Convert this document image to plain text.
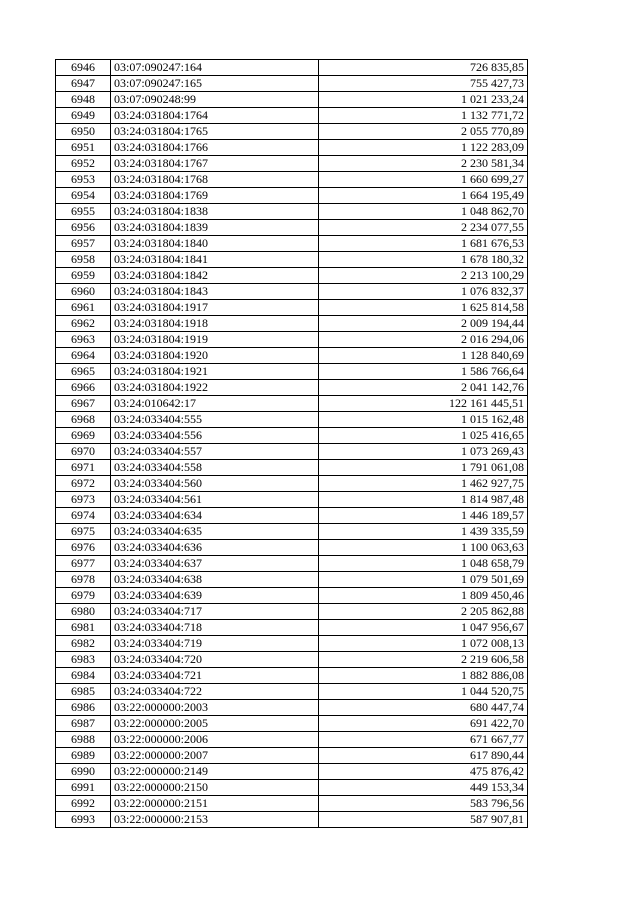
6946	03:07:090247:164	726 835,85
6947	03:07:090247:165	755 427,73
6948	03:07:090248:99	1 021 233,24
6949	03:24:031804:1764	1 132 771,72
6950	03:24:031804:1765	2 055 770,89
6951	03:24:031804:1766	1 122 283,09
6952	03:24:031804:1767	2 230 581,34
6953	03:24:031804:1768	1 660 699,27
6954	03:24:031804:1769	1 664 195,49
6955	03:24:031804:1838	1 048 862,70
6956	03:24:031804:1839	2 234 077,55
6957	03:24:031804:1840	1 681 676,53
6958	03:24:031804:1841	1 678 180,32
6959	03:24:031804:1842	2 213 100,29
6960	03:24:031804:1843	1 076 832,37
6961	03:24:031804:1917	1 625 814,58
6962	03:24:031804:1918	2 009 194,44
6963	03:24:031804:1919	2 016 294,06
6964	03:24:031804:1920	1 128 840,69
6965	03:24:031804:1921	1 586 766,64
6966	03:24:031804:1922	2 041 142,76
6967	03:24:010642:17	122 161 445,51
6968	03:24:033404:555	1 015 162,48
6969	03:24:033404:556	1 025 416,65
6970	03:24:033404:557	1 073 269,43
6971	03:24:033404:558	1 791 061,08
6972	03:24:033404:560	1 462 927,75
6973	03:24:033404:561	1 814 987,48
6974	03:24:033404:634	1 446 189,57
6975	03:24:033404:635	1 439 335,59
6976	03:24:033404:636	1 100 063,63
6977	03:24:033404:637	1 048 658,79
6978	03:24:033404:638	1 079 501,69
6979	03:24:033404:639	1 809 450,46
6980	03:24:033404:717	2 205 862,88
6981	03:24:033404:718	1 047 956,67
6982	03:24:033404:719	1 072 008,13
6983	03:24:033404:720	2 219 606,58
6984	03:24:033404:721	1 882 886,08
6985	03:24:033404:722	1 044 520,75
6986	03:22:000000:2003	680 447,74
6987	03:22:000000:2005	691 422,70
6988	03:22:000000:2006	671 667,77
6989	03:22:000000:2007	617 890,44
6990	03:22:000000:2149	475 876,42
6991	03:22:000000:2150	449 153,34
6992	03:22:000000:2151	583 796,56
6993	03:22:000000:2153	587 907,81
